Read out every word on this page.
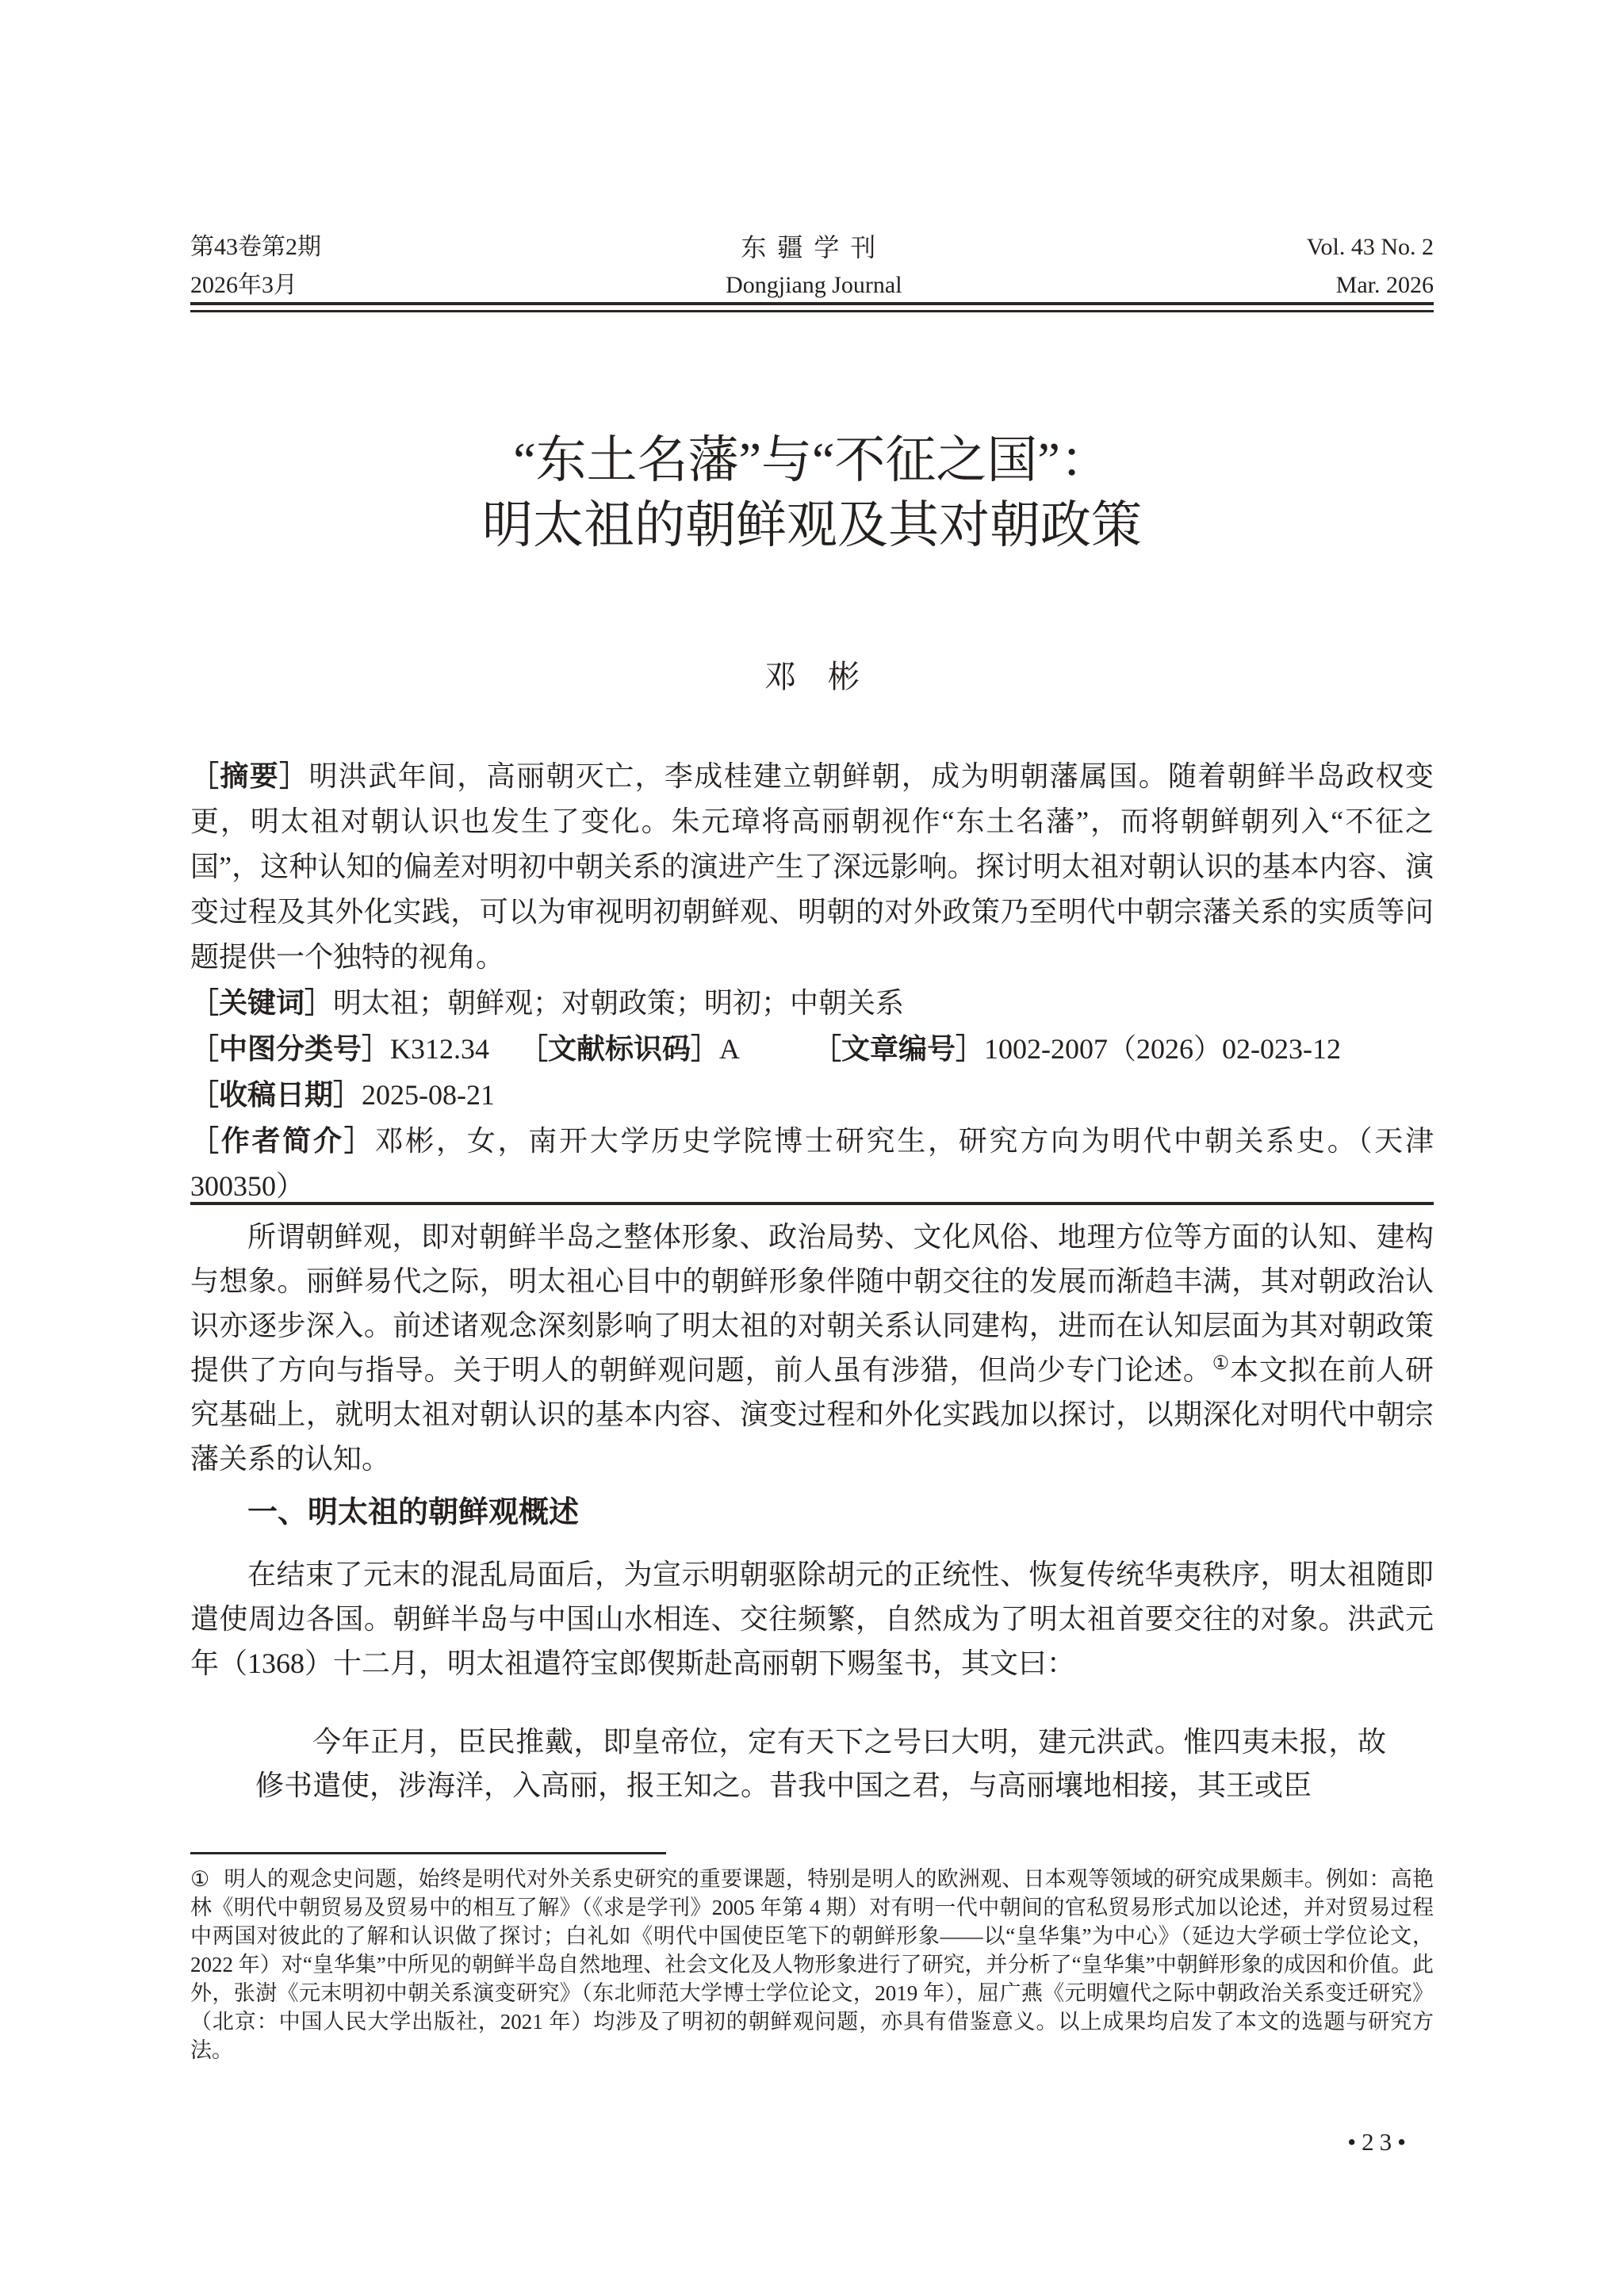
第43卷第2期
2026年3月
东疆学刊
Dongjiang Journal
Vol. 43 No. 2
Mar. 2026
“东土名藩”与“不征之国”：
明太祖的朝鲜观及其对朝政策
邓　彬

［摘要］明洪武年间，高丽朝灭亡，李成桂建立朝鲜朝，成为明朝藩属国。随着朝鲜半岛政权变更，明太祖对朝认识也发生了变化。朱元璋将高丽朝视作“东土名藩”，而将朝鲜朝列入“不征之国”，这种认知的偏差对明初中朝关系的演进产生了深远影响。探讨明太祖对朝认识的基本内容、演变过程及其外化实践，可以为审视明初朝鲜观、明朝的对外政策乃至明代中朝宗藩关系的实质等问题提供一个独特的视角。

［关键词］明太祖；朝鲜观；对朝政策；明初；中朝关系

［中图分类号］K312.34 ［文献标识码］A	［文章编号］1002-2007（2026）02-023-12

［收稿日期］2025-08-21

［作者简介］邓彬，女，南开大学历史学院博士研究生，研究方向为明代中朝关系史。（天津 300350）

所谓朝鲜观，即对朝鲜半岛之整体形象、政治局势、文化风俗、地理方位等方面的认知、建构与想象。丽鲜易代之际，明太祖心目中的朝鲜形象伴随中朝交往的发展而渐趋丰满，其对朝政治认识亦逐步深入。前述诸观念深刻影响了明太祖的对朝关系认同建构，进而在认知层面为其对朝政策提供了方向与指导。关于明人的朝鲜观问题，前人虽有涉猎，但尚少专门论述。①本文拟在前人研究基础上，就明太祖对朝认识的基本内容、演变过程和外化实践加以探讨，以期深化对明代中朝宗藩关系的认知。

一、明太祖的朝鲜观概述

在结束了元末的混乱局面后，为宣示明朝驱除胡元的正统性、恢复传统华夷秩序，明太祖随即遣使周边各国。朝鲜半岛与中国山水相连、交往频繁，自然成为了明太祖首要交往的对象。洪武元年（1368）十二月，明太祖遣符宝郎偰斯赴高丽朝下赐玺书，其文曰：

今年正月，臣民推戴，即皇帝位，定有天下之号曰大明，建元洪武。惟四夷未报，故修书遣使，涉海洋，入高丽，报王知之。昔我中国之君，与高丽壤地相接，其王或臣

① 明人的观念史问题，始终是明代对外关系史研究的重要课题，特别是明人的欧洲观、日本观等领域的研究成果颇丰。例如：高艳林《明代中朝贸易及贸易中的相互了解》（《求是学刊》2005 年第 4 期）对有明一代中朝间的官私贸易形式加以论述，并对贸易过程中两国对彼此的了解和认识做了探讨；白礼如《明代中国使臣笔下的朝鲜形象——以“皇华集”为中心》（延边大学硕士学位论文，2022 年）对“皇华集”中所见的朝鲜半岛自然地理、社会文化及人物形象进行了研究，并分析了“皇华集”中朝鲜形象的成因和价值。此外，张澍《元末明初中朝关系演变研究》（东北师范大学博士学位论文，2019 年），屈广燕《元明嬗代之际中朝政治关系变迁研究》（北京：中国人民大学出版社，2021 年）均涉及了明初的朝鲜观问题，亦具有借鉴意义。以上成果均启发了本文的选题与研究方法。
•23•
